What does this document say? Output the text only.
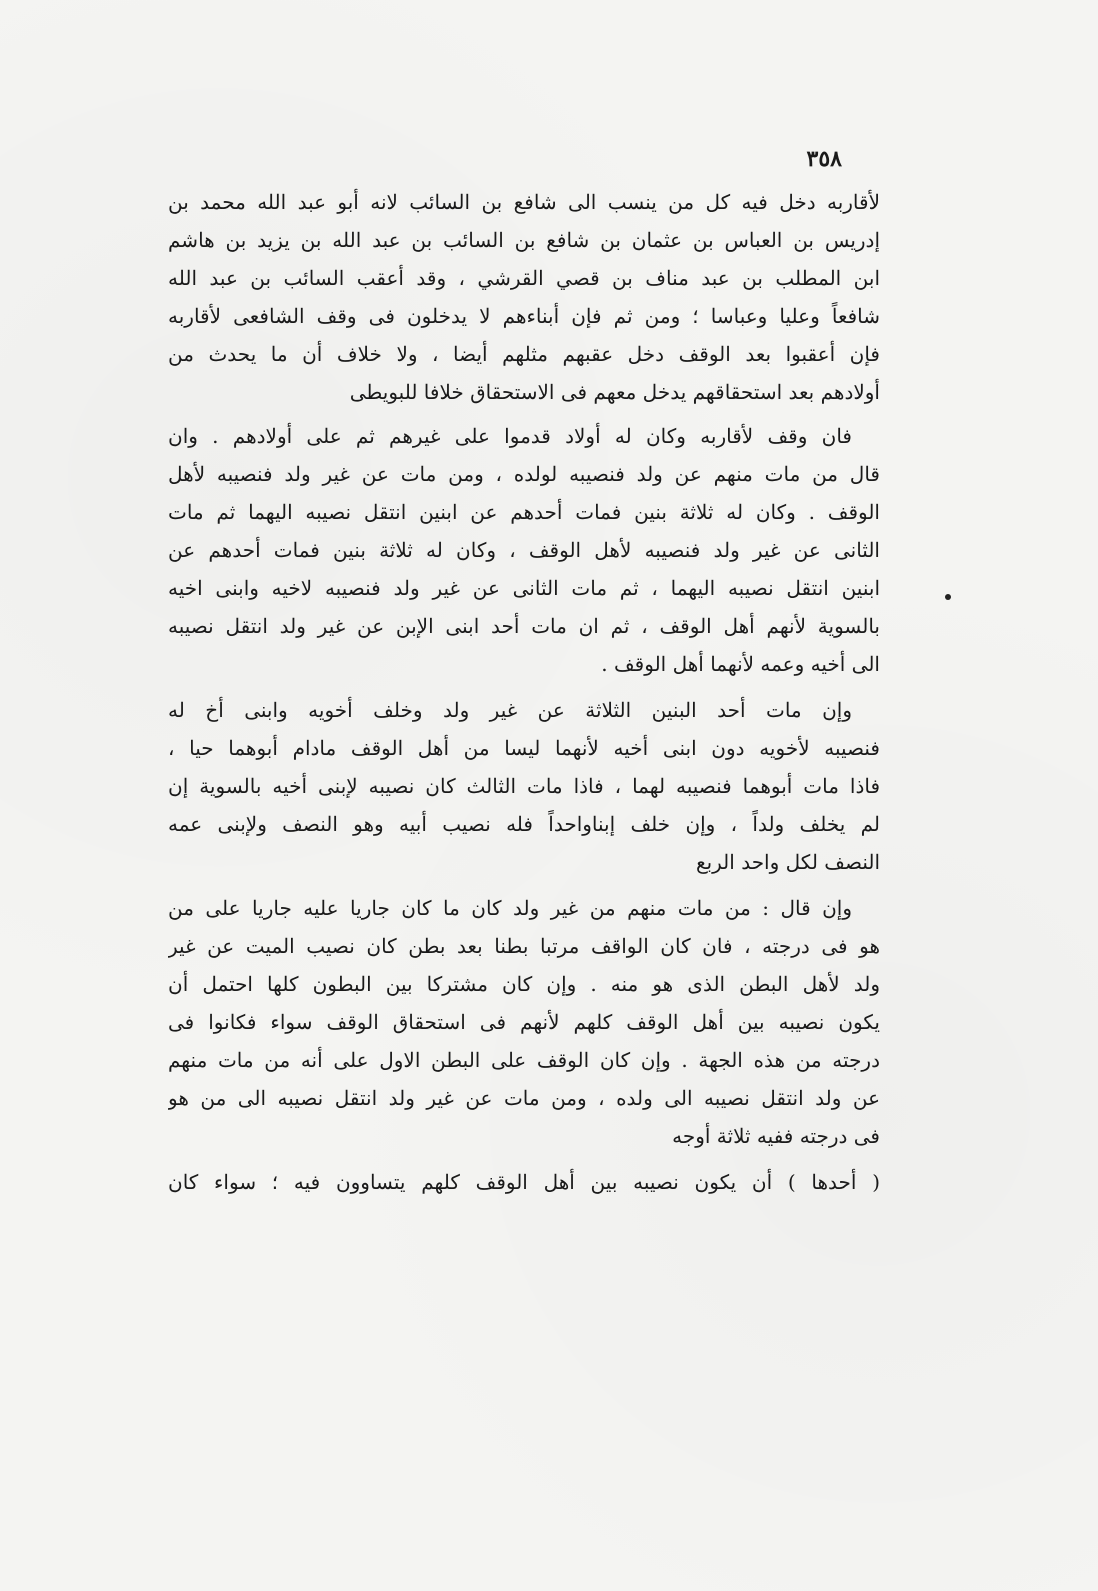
٣٥٨
لأقاربه دخل فيه كل من ينسب الى شافع بن السائب لانه أبو عبد الله محمد بن
إدريس بن العباس بن عثمان بن شافع بن السائب بن عبد الله بن يزيد بن هاشم
ابن المطلب بن عبد مناف بن قصي القرشي ، وقد أعقب السائب بن عبد الله
شافعاً وعليا وعباسا ؛ ومن ثم فإن أبناءهم لا يدخلون فى وقف الشافعى لأقاربه
فإن أعقبوا بعد الوقف دخل عقبهم مثلهم أيضا ، ولا خلاف أن ما يحدث من
أولادهم بعد استحقاقهم يدخل معهم فى الاستحقاق خلافا للبويطى
فان وقف لأقاربه وكان له أولاد قدموا على غيرهم ثم على أولادهم . وان
قال من مات منهم عن ولد فنصيبه لولده ، ومن مات عن غير ولد فنصيبه لأهل
الوقف . وكان له ثلاثة بنين فمات أحدهم عن ابنين انتقل نصيبه اليهما ثم مات
الثانى عن غير ولد فنصيبه لأهل الوقف ، وكان له ثلاثة بنين فمات أحدهم عن
ابنين انتقل نصيبه اليهما ، ثم مات الثانى عن غير ولد فنصيبه لاخيه وابنى اخيه
بالسوية لأنهم أهل الوقف ، ثم ان مات أحد ابنى الإبن عن غير ولد انتقل نصيبه
الى أخيه وعمه لأنهما أهل الوقف .
وإن مات أحد البنين الثلاثة عن غير ولد وخلف أخويه وابنى أخ له
فنصيبه لأخويه دون ابنى أخيه لأنهما ليسا من أهل الوقف مادام أبوهما حيا ،
فاذا مات أبوهما فنصيبه لهما ، فاذا مات الثالث كان نصيبه لإبنى أخيه بالسوية إن
لم يخلف ولداً ، وإن خلف إبناواحداً فله نصيب أبيه وهو النصف ولإبنى عمه
النصف لكل واحد الربع
وإن قال : من مات منهم من غير ولد كان ما كان جاريا عليه جاريا على من
هو فى درجته ، فان كان الواقف مرتبا بطنا بعد بطن كان نصيب الميت عن غير
ولد لأهل البطن الذى هو منه . وإن كان مشتركا بين البطون كلها احتمل أن
يكون نصيبه بين أهل الوقف كلهم لأنهم فى استحقاق الوقف سواء فكانوا فى
درجته من هذه الجهة . وإن كان الوقف على البطن الاول على أنه من مات منهم
عن ولد انتقل نصيبه الى ولده ، ومن مات عن غير ولد انتقل نصيبه الى من هو
فى درجته ففيه ثلاثة أوجه
( أحدها ) أن يكون نصيبه بين أهل الوقف كلهم يتساوون فيه ؛ سواء كان
